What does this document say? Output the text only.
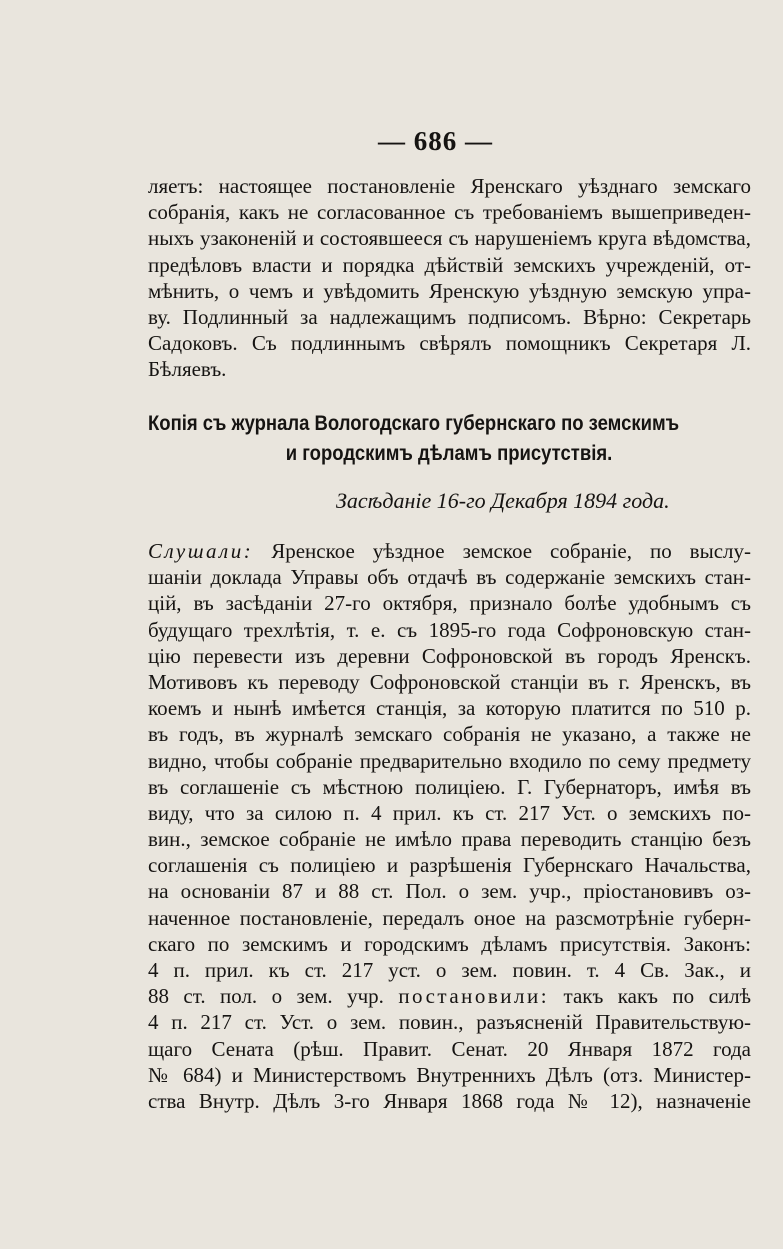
— 686 —
ляетъ: настоящее постановленіе Яренскаго уѣзднаго земскаго
собранія, какъ не согласованное съ требованіемъ вышеприведен-
ныхъ узаконеній и состоявшееся съ нарушеніемъ круга вѣдомства,
предѣловъ власти и порядка дѣйствій земскихъ учрежденій, от-
мѣнить, о чемъ и увѣдомить Яренскую уѣздную земскую упра-
ву. Подлинный за надлежащимъ подписомъ. Вѣрно: Секретарь
Садоковъ. Съ подлиннымъ свѣрялъ помощникъ Секретаря Л.
Бѣляевъ.
Копія съ журнала Вологодскаго губернскаго по земскимъ
и городскимъ дѣламъ присутствія.
Засѣданіе 16-го Декабря 1894 года.
Слушали: Яренское уѣздное земское собраніе, по выслу-
шаніи доклада Управы объ отдачѣ въ содержаніе земскихъ стан-
цій, въ засѣданіи 27-го октября, признало болѣе удобнымъ съ
будущаго трехлѣтія, т. е. съ 1895-го года Софроновскую стан-
цію перевести изъ деревни Софроновской въ городъ Яренскъ.
Мотивовъ къ переводу Софроновской станціи въ г. Яренскъ, въ
коемъ и нынѣ имѣется станція, за которую платится по 510 р.
въ годъ, въ журналѣ земскаго собранія не указано, а также не
видно, чтобы собраніе предварительно входило по сему предмету
въ соглашеніе съ мѣстною полиціею. Г. Губернаторъ, имѣя въ
виду, что за силою п. 4 прил. къ ст. 217 Уст. о земскихъ по-
вин., земское собраніе не имѣло права переводить станцію безъ
соглашенія съ полиціею и разрѣшенія Губернскаго Начальства,
на основаніи 87 и 88 ст. Пол. о зем. учр., пріостановивъ оз-
наченное постановленіе, передалъ оное на разсмотрѣніе губерн-
скаго по земскимъ и городскимъ дѣламъ присутствія. Законъ:
4 п. прил. къ ст. 217 уст. о зем. повин. т. 4 Св. Зак., и
88 ст. пол. о зем. учр. постановили: такъ какъ по силѣ
4 п. 217 ст. Уст. о зем. повин., разъясненій Правительствую-
щаго Сената (рѣш. Правит. Сенат. 20 Января 1872 года
№ 684) и Министерствомъ Внутреннихъ Дѣлъ (отз. Министер-
ства Внутр. Дѣлъ 3-го Января 1868 года № 12), назначеніе
